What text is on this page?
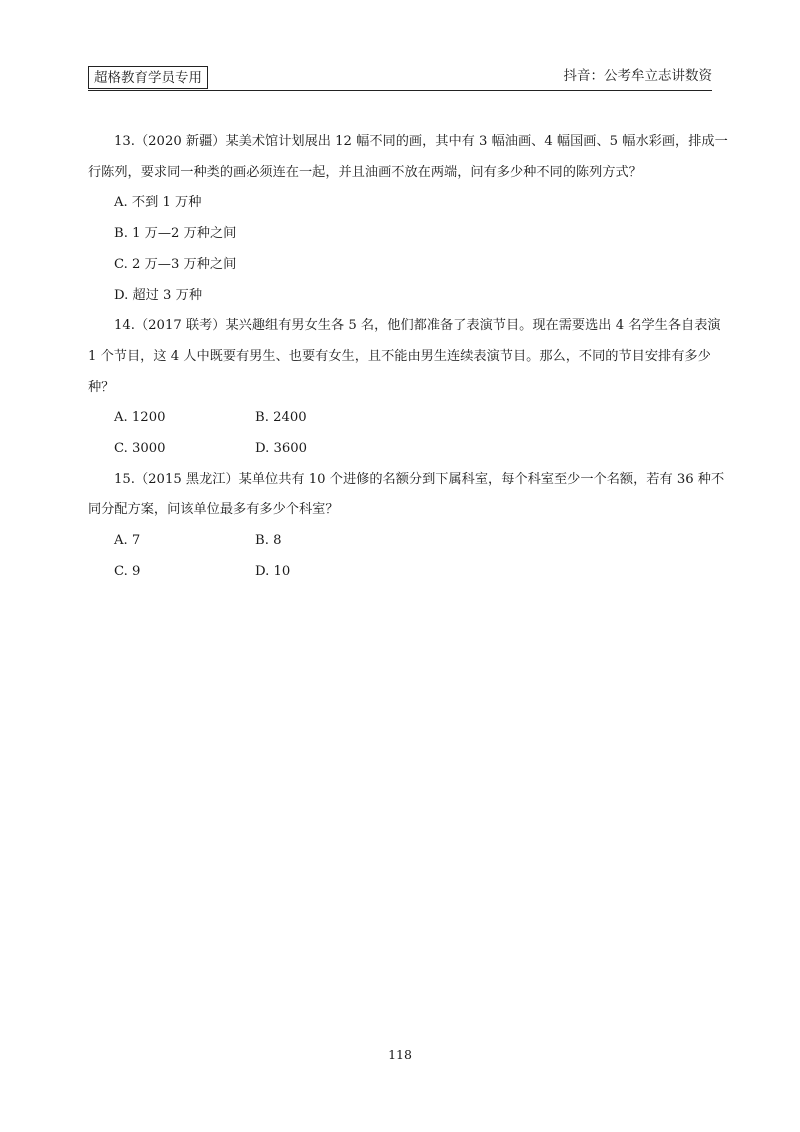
超格教育学员专用	抖音：公考牟立志讲数资
13.（2020 新疆）某美术馆计划展出 12 幅不同的画，其中有 3 幅油画、4 幅国画、5 幅水彩画，排成一
行陈列，要求同一种类的画必须连在一起，并且油画不放在两端，问有多少种不同的陈列方式？
A. 不到 1 万种
B. 1 万—2 万种之间
C. 2 万—3 万种之间
D. 超过 3 万种
14.（2017 联考）某兴趣组有男女生各 5 名，他们都准备了表演节目。现在需要选出 4 名学生各自表演
1 个节目，这 4 人中既要有男生、也要有女生，且不能由男生连续表演节目。那么，不同的节目安排有多少
种？
A. 1200	B. 2400
C. 3000	D. 3600
15.（2015 黑龙江）某单位共有 10 个进修的名额分到下属科室，每个科室至少一个名额，若有 36 种不
同分配方案，问该单位最多有多少个科室？
A. 7	B. 8
C. 9	D. 10
118
